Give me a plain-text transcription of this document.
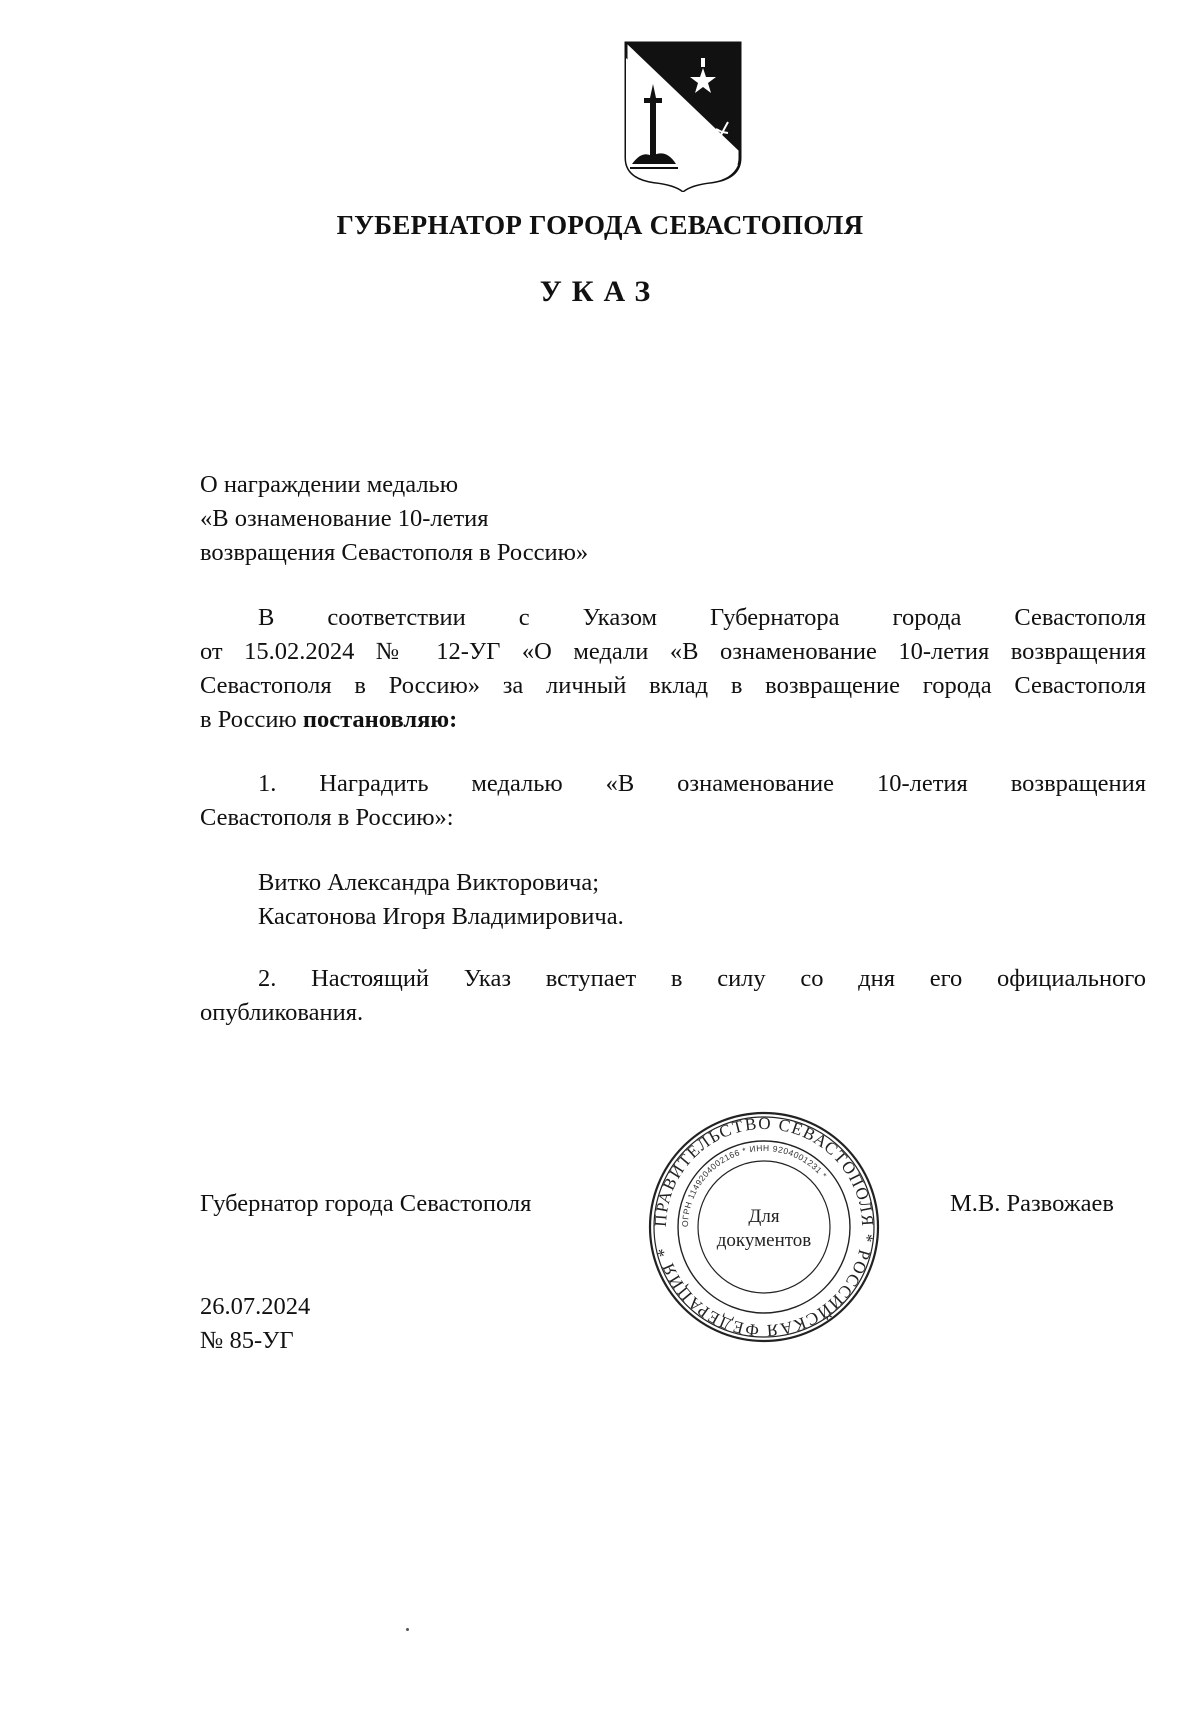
ГУБЕРНАТОР ГОРОДА СЕВАСТОПОЛЯ
УКАЗ
О награждении медалью
«В ознаменование 10-летия
возвращения Севастополя в Россию»
В соответствии с Указом Губернатора города Севастополя
от 15.02.2024 № 12-УГ «О медали «В ознаменование 10-летия возвращения
Севастополя в Россию» за личный вклад в возвращение города Севастополя
в Россию постановляю:
1. Наградить медалью «В ознаменование 10-летия возвращения
Севастополя в Россию»:
Витко Александра Викторовича;
Касатонова Игоря Владимировича.
2. Настоящий Указ вступает в силу со дня его официального
опубликования.
Губернатор города Севастополя
ПРАВИТЕЛЬСТВО СЕВАСТОПОЛЯ * РОССИЙСКАЯ ФЕДЕРАЦИЯ *
ОГРН 1149204002166 * ИНН 9204001231 *
Для
документов
М.В. Развожаев
26.07.2024
№ 85-УГ
